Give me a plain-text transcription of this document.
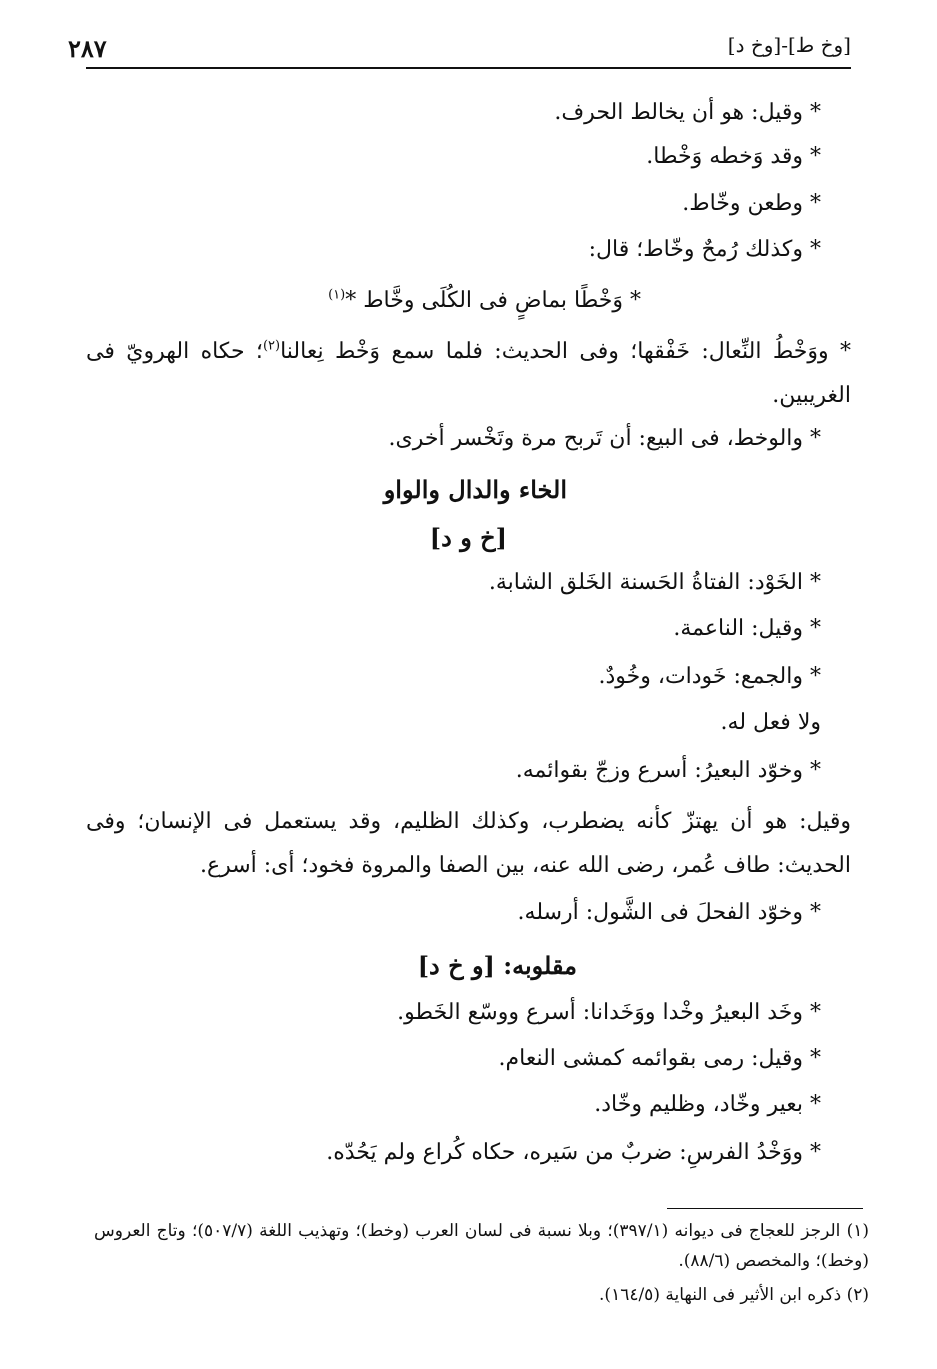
[وخ ط]-[وخ د]
٢٨٧
* وقيل: هو أن يخالط الحرف.
* وقد وَخطه وَخْطا.
* وطعن وخّاط.
* وكذلك رُمحٌ وخّاط؛ قال:
* وَخْطًا بماضٍ فى الكُلَى وخَّاط *$^{(١)}$
* ووَخْطُ النِّعال: خَفْقها؛ وفى الحديث: فلما سمع وَخْط نِعالنا$^{(٢)}$؛ حكاه الهرويّ فى الغريبين.
* والوخط، فى البيع: أن تَربح مرة وتَخْسر أخرى.
الخاء والدال والواو
[خ و د]
* الخَوْد: الفتاةُ الحَسنة الخَلق الشابة.
* وقيل: الناعمة.
* والجمع: خَودات، وخُودٌ.
ولا فعل له.
* وخوّد البعيرُ: أسرع وزجّ بقوائمه.
وقيل: هو أن يهتزّ كأنه يضطرب، وكذلك الظليم، وقد يستعمل فى الإنسان؛ وفى الحديث: طاف عُمر، رضى الله عنه، بين الصفا والمروة فخود؛ أى: أسرع.
* وخوّد الفحلَ فى الشَّول: أرسله.
مقلوبه: [و خ د]
* وخَد البعيرُ وخْدا ووَخَدانا: أسرع ووسّع الخَطو.
* وقيل: رمى بقوائمه كمشى النعام.
* بعير وخّاد، وظليم وخّاد.
* ووَخْدُ الفرسِ: ضربٌ من سَيره، حكاه كُراع ولم يَحُدّه.
(١) الرجز للعجاج فى ديوانه (٣٩٧/١)؛ وبلا نسبة فى لسان العرب (وخط)؛ وتهذيب اللغة (٥٠٧/٧)؛ وتاج العروس (وخط)؛ والمخصص (٨٨/٦).
(٢) ذكره ابن الأثير فى النهاية (١٦٤/٥).
